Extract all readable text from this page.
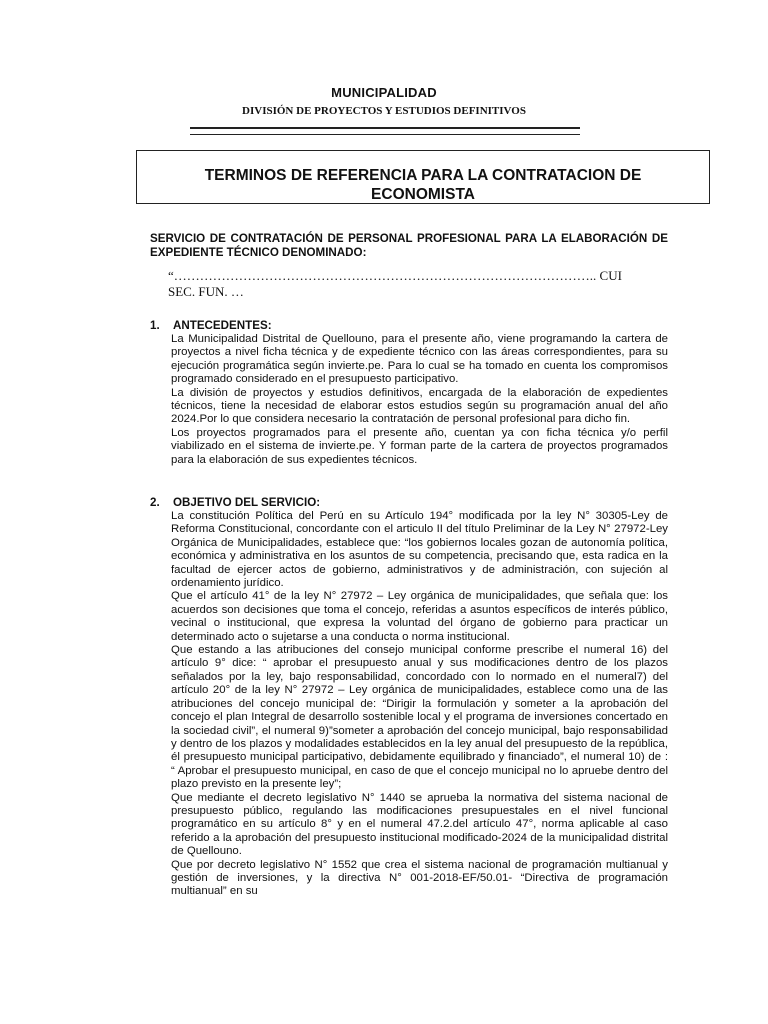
MUNICIPALIDAD
DIVISIÓN DE PROYECTOS Y ESTUDIOS DEFINITIVOS
TERMINOS DE REFERENCIA PARA LA CONTRATACION DE
ECONOMISTA
SERVICIO DE CONTRATACIÓN DE PERSONAL PROFESIONAL PARA LA ELABORACIÓN DE EXPEDIENTE TÉCNICO DENOMINADO:
“…………………………………………………………………………………….. CUI
SEC. FUN. …
1.	ANTECEDENTES:

La Municipalidad Distrital de Quellouno, para el presente año, viene programando la cartera de proyectos a nivel ficha técnica y de expediente técnico con las áreas correspondientes, para su ejecución programática según invierte.pe. Para lo cual se ha tomado en cuenta los compromisos programado considerado en el presupuesto participativo.

La división de proyectos y estudios definitivos, encargada de la elaboración de expedientes técnicos, tiene la necesidad de elaborar estos estudios según su programación anual del año 2024.Por lo que considera necesario la contratación de personal profesional para dicho fin.

Los proyectos programados para el presente año, cuentan ya con ficha técnica y/o perfil viabilizado en el sistema de invierte.pe. Y forman parte de la cartera de proyectos programados para la elaboración de sus expedientes técnicos.

2.	OBJETIVO DEL SERVICIO:

La constitución Política del Perú en su Artículo 194° modificada por la ley N° 30305-Ley de Reforma Constitucional, concordante con el articulo II del título Preliminar de la Ley N° 27972-Ley Orgánica de Municipalidades, establece que: “los gobiernos locales gozan de autonomía política, económica y administrativa en los asuntos de su competencia, precisando que, esta radica en la facultad de ejercer actos de gobierno, administrativos y de administración, con sujeción al ordenamiento jurídico.

Que el artículo 41° de la ley N° 27972 – Ley orgánica de municipalidades, que señala que: los acuerdos son decisiones que toma el concejo, referidas a asuntos específicos de interés público, vecinal o institucional, que expresa la voluntad del órgano de gobierno para practicar un determinado acto o sujetarse a una conducta o norma institucional.

Que estando a las atribuciones del consejo municipal conforme prescribe el numeral 16) del artículo 9° dice: “ aprobar el presupuesto anual y sus modificaciones dentro de los plazos señalados por la ley, bajo responsabilidad, concordado con lo normado en el numeral7) del artículo 20° de la ley N° 27972 – Ley orgánica de municipalidades, establece como una de las atribuciones del concejo municipal de: “Dirigir la formulación y someter a la aprobación del concejo el plan Integral de desarrollo sostenible local y el programa de inversiones concertado en la sociedad civil”, el numeral 9)”someter a aprobación del concejo municipal, bajo responsabilidad y dentro de los plazos y modalidades establecidos en la ley anual del presupuesto de la república, él presupuesto municipal participativo, debidamente equilibrado y financiado”, el numeral 10) de : “ Aprobar el presupuesto municipal, en caso de que el concejo municipal no lo apruebe dentro del plazo previsto en la presente ley”;

Que mediante el decreto legislativo N° 1440 se aprueba la normativa del sistema nacional de presupuesto público, regulando las modificaciones presupuestales en el nivel funcional programático en su artículo 8° y en el numeral 47.2.del artículo 47°, norma aplicable al caso referido a la aprobación del presupuesto institucional modificado-2024 de la municipalidad distrital de Quellouno.

Que por decreto legislativo N° 1552 que crea el sistema nacional de programación multianual y gestión de inversiones, y la directiva N° 001-2018-EF/50.01- “Directiva de programación multianual” en su
